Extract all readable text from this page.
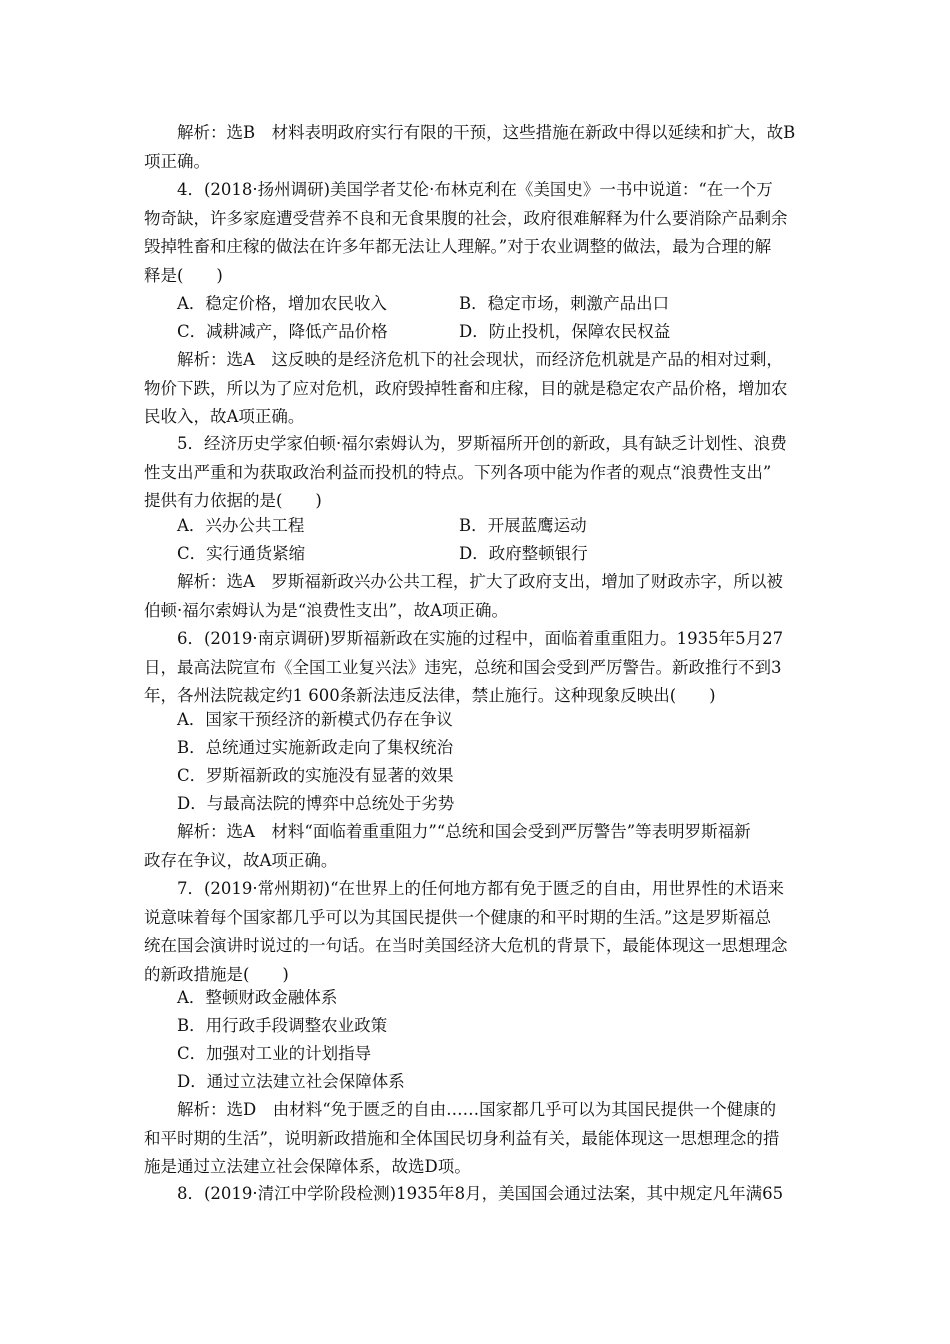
解析：选B　材料表明政府实行有限的干预，这些措施在新政中得以延续和扩大，故B
项正确。
4．(2018·扬州调研)美国学者艾伦·布林克利在《美国史》一书中说道：“在一个万
物奇缺，许多家庭遭受营养不良和无食果腹的社会，政府很难解释为什么要消除产品剩余
毁掉牲畜和庄稼的做法在许多年都无法让人理解。”对于农业调整的做法，最为合理的解
释是(　　)
A．稳定价格，增加农民收入	B．稳定市场，刺激产品出口
C．减耕减产，降低产品价格	D．防止投机，保障农民权益
解析：选A　这反映的是经济危机下的社会现状，而经济危机就是产品的相对过剩，
物价下跌，所以为了应对危机，政府毁掉牲畜和庄稼，目的就是稳定农产品价格，增加农
民收入，故A项正确。
5．经济历史学家伯顿·福尔索姆认为，罗斯福所开创的新政，具有缺乏计划性、浪费
性支出严重和为获取政治利益而投机的特点。下列各项中能为作者的观点“浪费性支出”
提供有力依据的是(　　)
A．兴办公共工程	B．开展蓝鹰运动
C．实行通货紧缩	D．政府整顿银行
解析：选A　罗斯福新政兴办公共工程，扩大了政府支出，增加了财政赤字，所以被
伯顿·福尔索姆认为是“浪费性支出”，故A项正确。
6．(2019·南京调研)罗斯福新政在实施的过程中，面临着重重阻力。1935年5月27
日，最高法院宣布《全国工业复兴法》违宪，总统和国会受到严厉警告。新政推行不到3
年，各州法院裁定约1 600条新法违反法律，禁止施行。这种现象反映出(　　)
A．国家干预经济的新模式仍存在争议
B．总统通过实施新政走向了集权统治
C．罗斯福新政的实施没有显著的效果
D．与最高法院的博弈中总统处于劣势
解析：选A　材料“面临着重重阻力”“总统和国会受到严厉警告”等表明罗斯福新
政存在争议，故A项正确。
7．(2019·常州期初)“在世界上的任何地方都有免于匮乏的自由，用世界性的术语来
说意味着每个国家都几乎可以为其国民提供一个健康的和平时期的生活。”这是罗斯福总
统在国会演讲时说过的一句话。在当时美国经济大危机的背景下，最能体现这一思想理念
的新政措施是(　　)
A．整顿财政金融体系
B．用行政手段调整农业政策
C．加强对工业的计划指导
D．通过立法建立社会保障体系
解析：选D　由材料“免于匮乏的自由……国家都几乎可以为其国民提供一个健康的
和平时期的生活”，说明新政措施和全体国民切身利益有关，最能体现这一思想理念的措
施是通过立法建立社会保障体系，故选D项。
8．(2019·清江中学阶段检测)1935年8月，美国国会通过法案，其中规定凡年满65
